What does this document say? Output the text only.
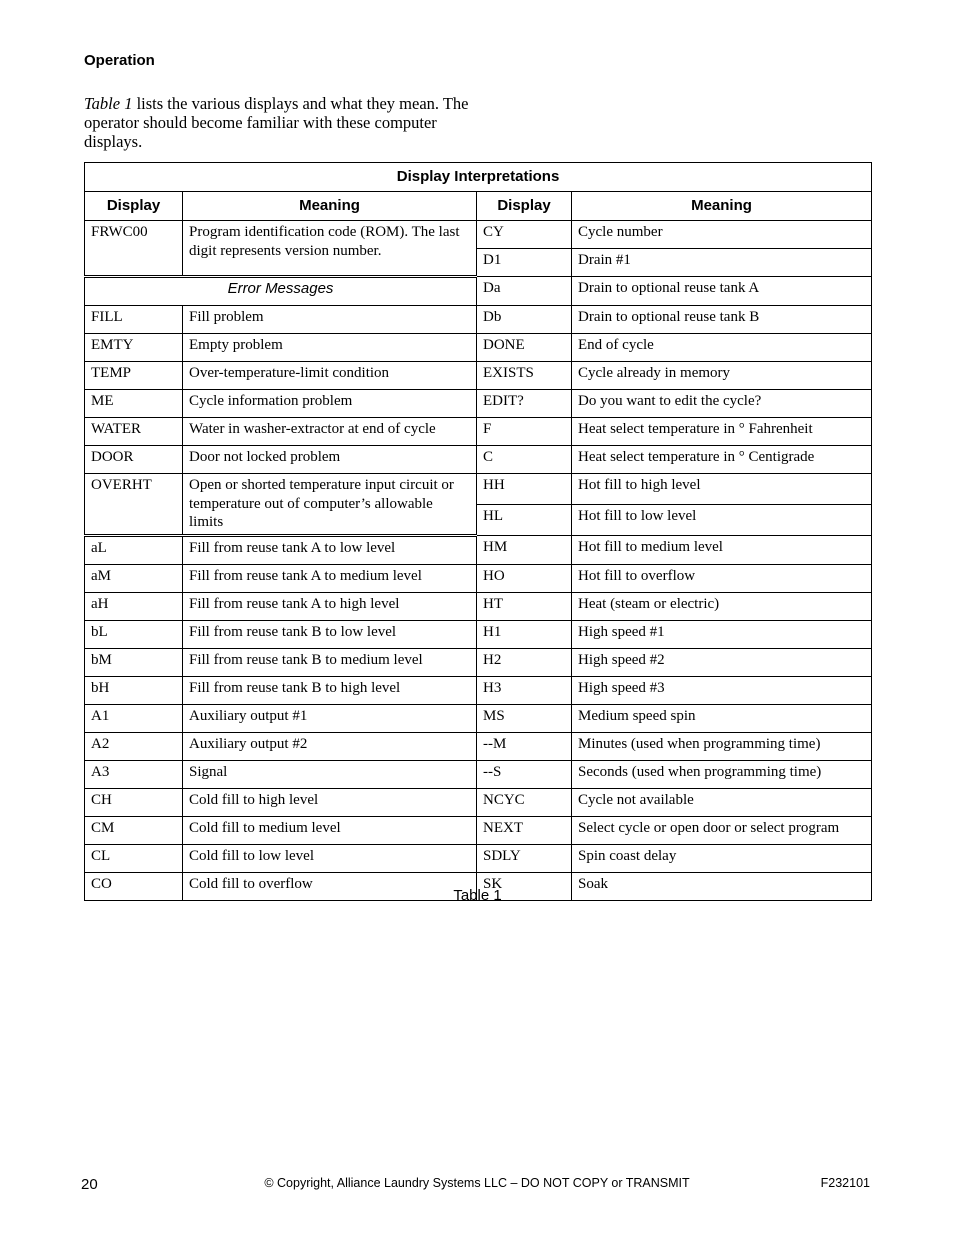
Operation
Table 1 lists the various displays and what they mean. The operator should become familiar with these computer displays.
Display Interpretations			
Display	Meaning	Display	Meaning
FRWC00	Program identification code (ROM). The last digit represents version number.	CY	Cycle number
		D1	Drain #1
Error Messages		Da	Drain to optional reuse tank A
FILL	Fill problem	Db	Drain to optional reuse tank B
EMTY	Empty problem	DONE	End of cycle
TEMP	Over-temperature-limit condition	EXISTS	Cycle already in memory
ME	Cycle information problem	EDIT?	Do you want to edit the cycle?
WATER	Water in washer-extractor at end of cycle	F	Heat select temperature in ° Fahrenheit
DOOR	Door not locked problem	C	Heat select temperature in ° Centigrade
OVERHT	Open or shorted temperature input circuit or temperature out of computer’s allowable limits	HH	Hot fill to high level
		HL	Hot fill to low level
aL	Fill from reuse tank A to low level	HM	Hot fill to medium level
aM	Fill from reuse tank A to medium level	HO	Hot fill to overflow
aH	Fill from reuse tank A to high level	HT	Heat (steam or electric)
bL	Fill from reuse tank B to low level	H1	High speed #1
bM	Fill from reuse tank B to medium level	H2	High speed #2
bH	Fill from reuse tank B to high level	H3	High speed #3
A1	Auxiliary output #1	MS	Medium speed spin
A2	Auxiliary output #2	--M	Minutes (used when programming time)
A3	Signal	--S	Seconds (used when programming time)
CH	Cold fill to high level	NCYC	Cycle not available
CM	Cold fill to medium level	NEXT	Select cycle or open door or select program
CL	Cold fill to low level	SDLY	Spin coast delay
CO	Cold fill to overflow	SK	Soak
Table 1
20	© Copyright, Alliance Laundry Systems LLC – DO NOT COPY or TRANSMIT	F232101
